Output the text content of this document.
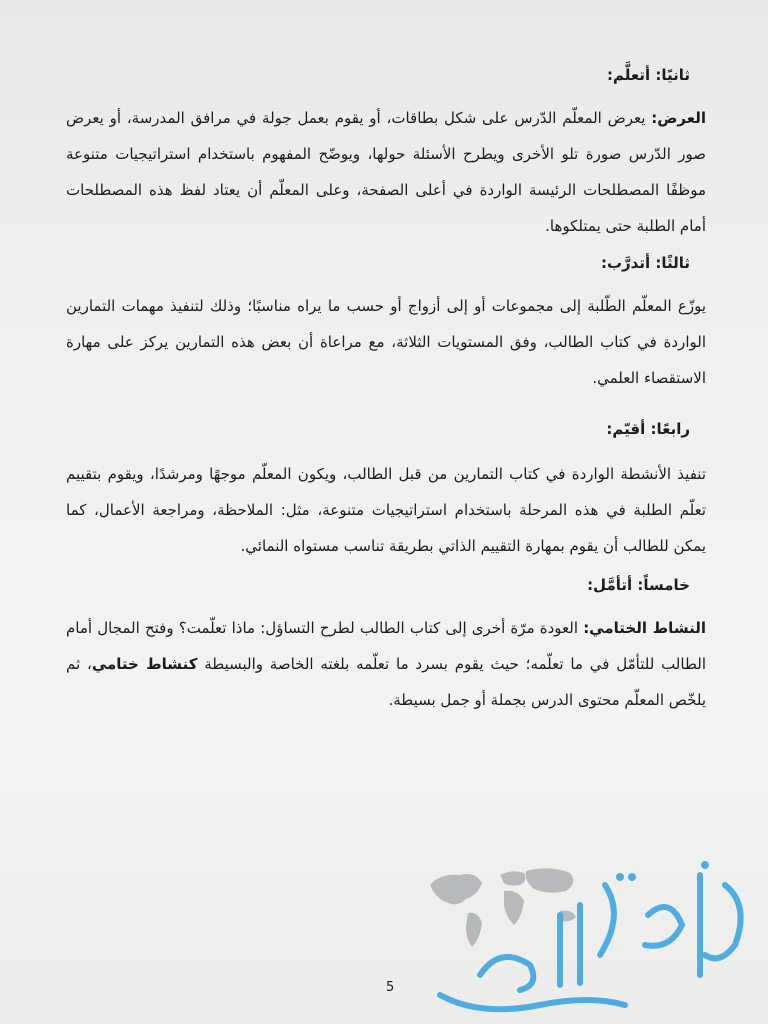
ثانيًا: أتعلَّم:
العرض: يعرض المعلّم الدّرس على شكل بطاقات، أو يقوم بعمل جولة في مرافق المدرسة، أو يعرض صور الدّرس صورة تلو الأخرى ويطرح الأسئلة حولها، ويوضّح المفهوم باستخدام استراتيجيات متنوعة موظفًا المصطلحات الرئيسة الواردة في أعلى الصفحة، وعلى المعلّم أن يعتاد لفظ هذه المصطلحات أمام الطلبة حتى يمتلكوها.
ثالثًا: أتدرَّب:
يوزّع المعلّم الطّلبة إلى مجموعات أو إلى أزواج أو حسب ما يراه مناسبًا؛ وذلك لتنفيذ مهمات التمارين الواردة في كتاب الطالب، وفق المستويات الثلاثة، مع مراعاة أن بعض هذه التمارين يركز على مهارة الاستقصاء العلمي.
رابعًا: أقيّم:
تنفيذ الأنشطة الواردة في كتاب التمارين من قبل الطالب، ويكون المعلّم موجهًا ومرشدًا، ويقوم بتقييم تعلّم الطلبة في هذه المرحلة باستخدام استراتيجيات متنوعة، مثل: الملاحظة، ومراجعة الأعمال، كما يمكن للطالب أن يقوم بمهارة التقييم الذاتي بطريقة تناسب مستواه النمائي.
خامساً: أتأمَّل:
النشاط الختامي: العودة مرّة أخرى إلى كتاب الطالب لطرح التساؤل: ماذا تعلّمت؟ وفتح المجال أمام الطالب للتأمّل في ما تعلّمه؛ حيث يقوم بسرد ما تعلّمه بلغته الخاصة والبسيطة كنشاط ختامي، ثم يلخّص المعلّم محتوى الدرس بجملة أو جمل بسيطة.
5
